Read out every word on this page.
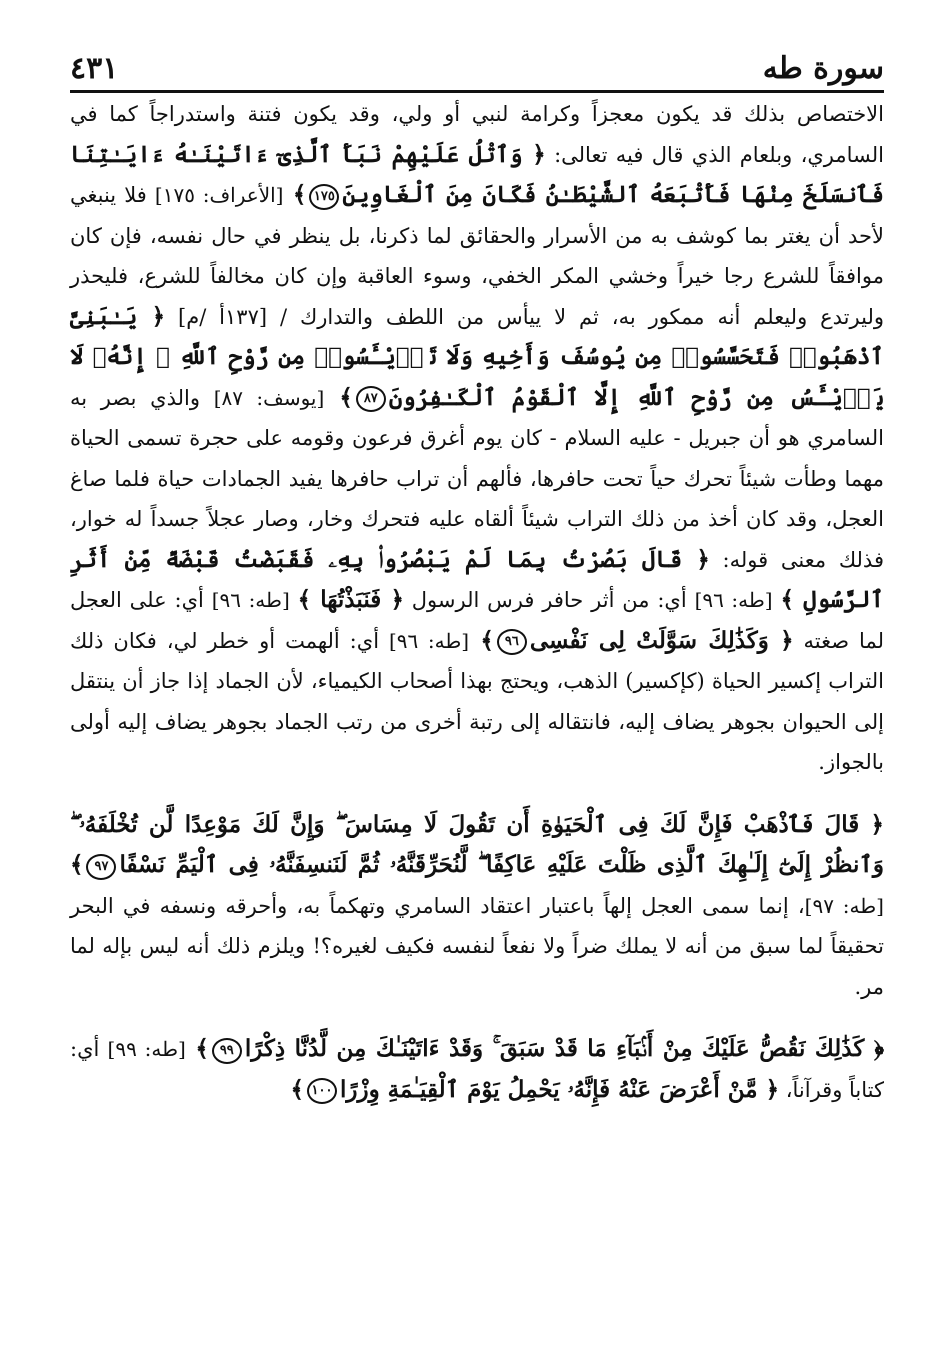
سورة طه
٤٣١

الاختصاص بذلك قد يكون معجزاً وكرامة لنبي أو ولي، وقد يكون فتنة واستدراجاً كما في السامري، وبلعام الذي قال فيه تعالى: ﴿ وَٱتْلُ عَلَيْهِمْ نَبَأَ ٱلَّذِىٓ ءَاتَيْنَـٰهُ ءَايَـٰتِنَا فَٱنسَلَخَ مِنْهَا فَأَتْبَعَهُ ٱلشَّيْطَـٰنُ فَكَانَ مِنَ ٱلْغَاوِينَ١٧٥﴾ [الأعراف: ١٧٥] فلا ينبغي لأحد أن يغتر بما كوشف به من الأسرار والحقائق لما ذكرنا، بل ينظر في حال نفسه، فإن كان موافقاً للشرع رجا خيراً وخشي المكر الخفي، وسوء العاقبة وإن كان مخالفاً للشرع، فليحذر وليرتدع وليعلم أنه ممكور به، ثم لا ييأس من اللطف والتدارك / [١٣٧أ /م] ﴿ يَـٰبَنِىَّ ٱذْهَبُوا۟ فَتَحَسَّسُوا۟ مِن يُوسُفَ وَأَخِيهِ وَلَا تَا۟يْـَٔسُوا۟ مِن رَّوْحِ ٱللَّهِ ۖ إِنَّهُۥ لَا يَا۟يْـَٔسُ مِن رَّوْحِ ٱللَّهِ إِلَّا ٱلْقَوْمُ ٱلْكَـٰفِرُونَ٨٧﴾ [يوسف: ٨٧] والذي بصر به السامري هو أن جبريل - عليه السلام - كان يوم أغرق فرعون وقومه على حجرة تسمى الحياة مهما وطأت شيئاً تحرك حياً تحت حافرها، فألهم أن تراب حافرها يفيد الجمادات حياة فلما صاغ العجل، وقد كان أخذ من ذلك التراب شيئاً ألقاه عليه فتحرك وخار، وصار عجلاً جسداً له خوار، فذلك معنى قوله: ﴿ قَالَ بَصُرْتُ بِمَا لَمْ يَبْصُرُوا۟ بِهِۦ فَقَبَضْتُ قَبْضَةً مِّنْ أَثَرِ ٱلرَّسُولِ ﴾ [طه: ٩٦] أي: من أثر حافر فرس الرسول ﴿ فَنَبَذْتُهَا ﴾ [طه: ٩٦] أي: على العجل لما صغته ﴿ وَكَذَٰلِكَ سَوَّلَتْ لِى نَفْسِى٩٦﴾ [طه: ٩٦] أي: ألهمت أو خطر لي، فكان ذلك التراب إكسير الحياة (كإكسير) الذهب، ويحتج بهذا أصحاب الكيمياء، لأن الجماد إذا جاز أن ينتقل إلى الحيوان بجوهر يضاف إليه، فانتقاله إلى رتبة أخرى من رتب الجماد بجوهر يضاف إليه أولى بالجواز.

﴿ قَالَ فَٱذْهَبْ فَإِنَّ لَكَ فِى ٱلْحَيَوٰةِ أَن تَقُولَ لَا مِسَاسَ ۖ وَإِنَّ لَكَ مَوْعِدًا لَّن تُخْلَفَهُۥ ۖ وَٱنظُرْ إِلَىٰٓ إِلَـٰهِكَ ٱلَّذِى ظَلْتَ عَلَيْهِ عَاكِفًا ۖ لَّنُحَرِّقَنَّهُۥ ثُمَّ لَنَنسِفَنَّهُۥ فِى ٱلْيَمِّ نَسْفًا٩٧﴾ [طه: ٩٧]، إنما سمى العجل إلهاً باعتبار اعتقاد السامري وتهكماً به، وأحرقه ونسفه في البحر تحقيقاً لما سبق من أنه لا يملك ضراً ولا نفعاً لنفسه فكيف لغيره؟! ويلزم ذلك أنه ليس بإله لما مر.

﴿ كَذَٰلِكَ نَقُصُّ عَلَيْكَ مِنْ أَنۢبَآءِ مَا قَدْ سَبَقَ ۚ وَقَدْ ءَاتَيْنَـٰكَ مِن لَّدُنَّا ذِكْرًا٩٩﴾ [طه: ٩٩] أي: كتاباً وقرآناً، ﴿ مَّنْ أَعْرَضَ عَنْهُ فَإِنَّهُۥ يَحْمِلُ يَوْمَ ٱلْقِيَـٰمَةِ وِزْرًا١٠٠﴾
